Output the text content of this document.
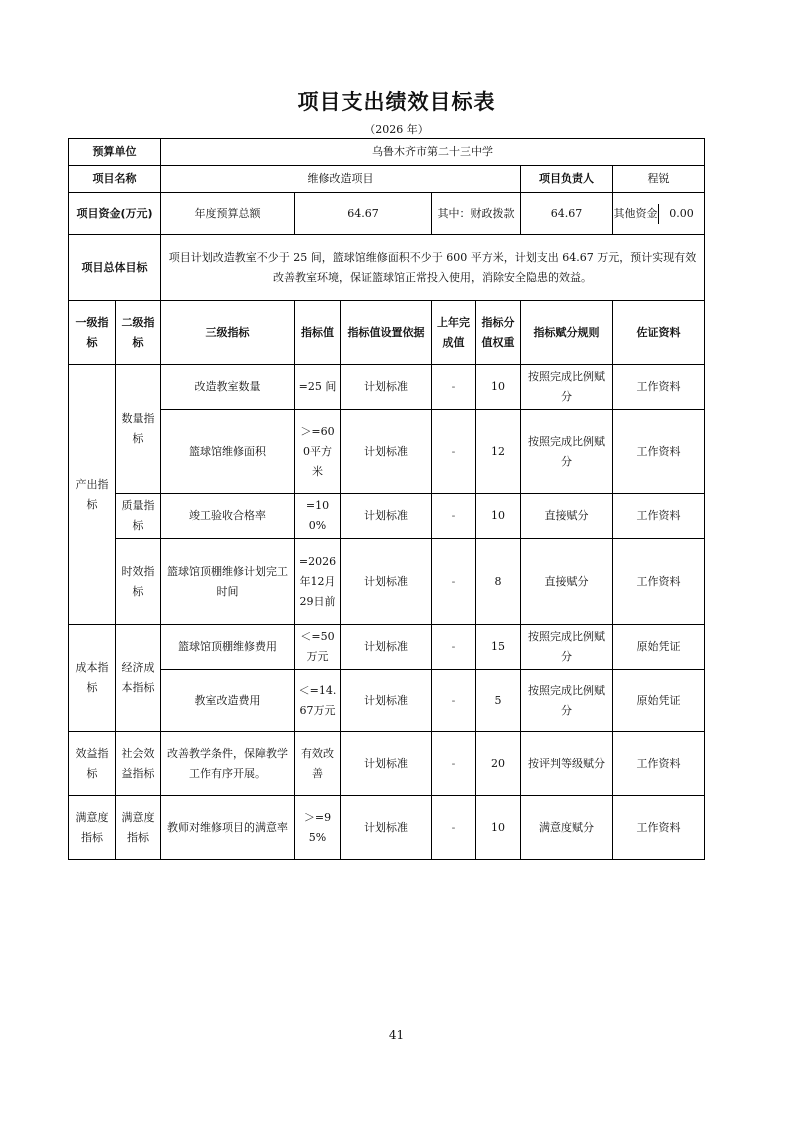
项目支出绩效目标表
（2026 年）
预算单位		乌鲁木齐市第二十三中学						
项目名称		维修改造项目					项目负责人	程锐
项目资金(万元)		年度预算总额	64.67		其中：财政拨款		64.67	其他资金 0.00

项目总体目标		项目计划改造教室不少于 25 间，篮球馆维修面积不少于 600 平方米，计划支出 64.67 万元，预计实现有效改善教室环境，保证篮球馆正常投入使用，消除安全隐患的效益。						
一级指标	二级指标	三级指标	指标值	指标值设置依据	上年完成值	指标分值权重	指标赋分规则	佐证资料
产出指标	数量指标	改造教室数量	=25 间	计划标准	-	10	按照完成比例赋分	工作资料
		篮球馆维修面积	＞=600平方米	计划标准	-	12	按照完成比例赋分	工作资料
	质量指标	竣工验收合格率	=100%	计划标准	-	10	直接赋分	工作资料
	时效指标	篮球馆顶棚维修计划完工时间	=2026年12月29日前	计划标准	-	8	直接赋分	工作资料
成本指标	经济成本指标	篮球馆顶棚维修费用	＜=50万元	计划标准	-	15	按照完成比例赋分	原始凭证
		教室改造费用	＜=14.67万元	计划标准	-	5	按照完成比例赋分	原始凭证
效益指标	社会效益指标	改善教学条件，保障教学工作有序开展。	有效改善	计划标准	-	20	按评判等级赋分	工作资料
满意度指标	满意度指标	教师对维修项目的满意率	＞=95%	计划标准	-	10	满意度赋分	工作资料
41
